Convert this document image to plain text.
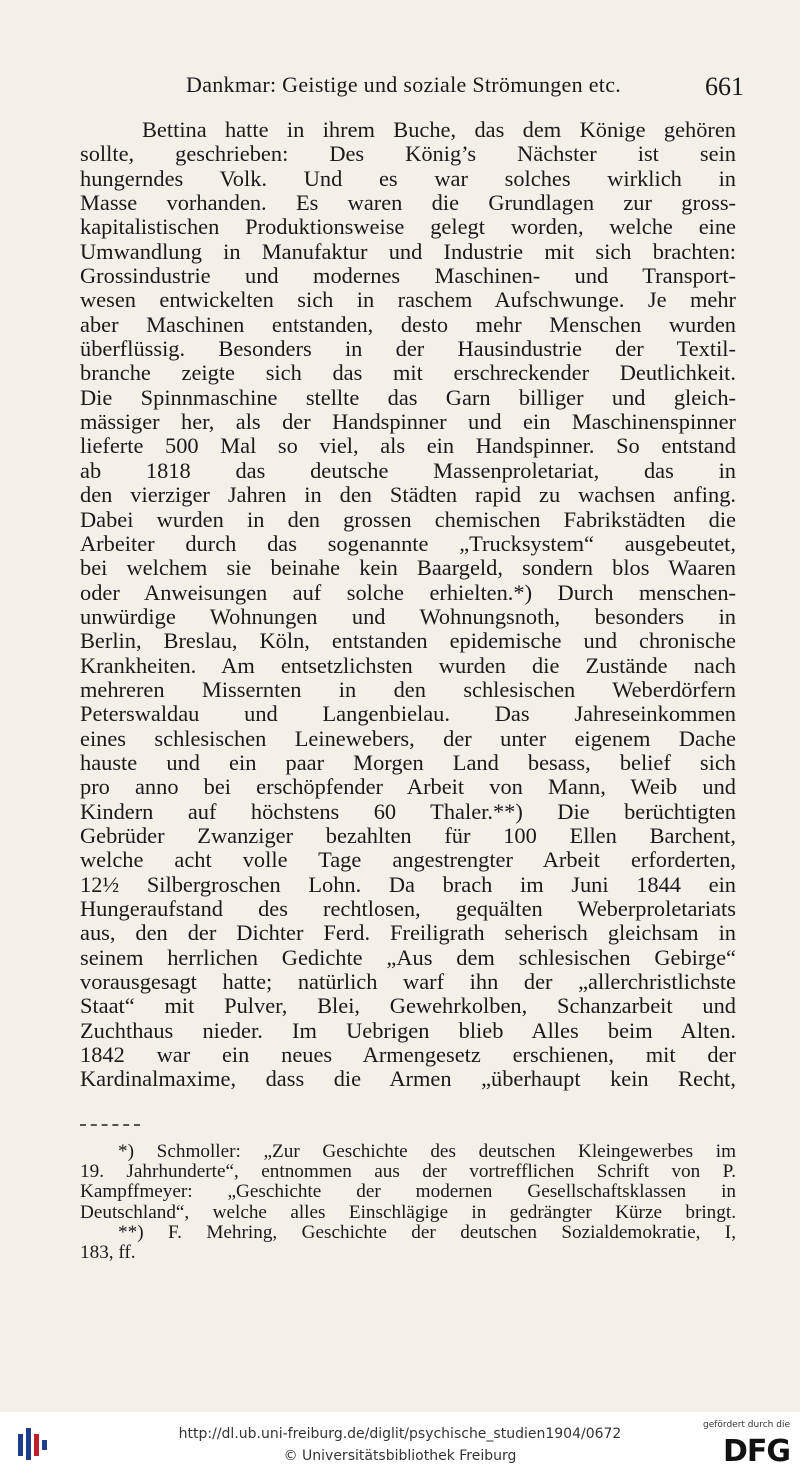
Dankmar: Geistige und soziale Strömungen etc.	661
Bettina hatte in ihrem Buche, das dem Könige gehören
sollte, geschrieben: Des König’s Nächster ist sein
hungerndes Volk. Und es war solches wirklich in
Masse vorhanden. Es waren die Grundlagen zur gross-
kapitalistischen Produktionsweise gelegt worden, welche eine
Umwandlung in Manufaktur und Industrie mit sich brachten:
Grossindustrie und modernes Maschinen- und Transport-
wesen entwickelten sich in raschem Aufschwunge. Je mehr
aber Maschinen entstanden, desto mehr Menschen wurden
überflüssig. Besonders in der Hausindustrie der Textil-
branche zeigte sich das mit erschreckender Deutlichkeit.
Die Spinnmaschine stellte das Garn billiger und gleich-
mässiger her, als der Handspinner und ein Maschinenspinner
lieferte 500 Mal so viel, als ein Handspinner. So entstand
ab 1818 das deutsche Massenproletariat, das in
den vierziger Jahren in den Städten rapid zu wachsen anfing.
Dabei wurden in den grossen chemischen Fabrikstädten die
Arbeiter durch das sogenannte „Trucksystem“ ausgebeutet,
bei welchem sie beinahe kein Baargeld, sondern blos Waaren
oder Anweisungen auf solche erhielten.*) Durch menschen-
unwürdige Wohnungen und Wohnungsnoth, besonders in
Berlin, Breslau, Köln, entstanden epidemische und chronische
Krankheiten. Am entsetzlichsten wurden die Zustände nach
mehreren Missernten in den schlesischen Weberdörfern
Peterswaldau und Langenbielau. Das Jahreseinkommen
eines schlesischen Leinewebers, der unter eigenem Dache
hauste und ein paar Morgen Land besass, belief sich
pro anno bei erschöpfender Arbeit von Mann, Weib und
Kindern auf höchstens 60 Thaler.**) Die berüchtigten
Gebrüder Zwanziger bezahlten für 100 Ellen Barchent,
welche acht volle Tage angestrengter Arbeit erforderten,
12½ Silbergroschen Lohn. Da brach im Juni 1844 ein
Hungeraufstand des rechtlosen, gequälten Weberproletariats
aus, den der Dichter Ferd. Freiligrath seherisch gleichsam in
seinem herrlichen Gedichte „Aus dem schlesischen Gebirge“
vorausgesagt hatte; natürlich warf ihn der „allerchristlichste
Staat“ mit Pulver, Blei, Gewehrkolben, Schanzarbeit und
Zuchthaus nieder. Im Uebrigen blieb Alles beim Alten.
1842 war ein neues Armengesetz erschienen, mit der
Kardinalmaxime, dass die Armen „überhaupt kein Recht,
*) Schmoller: „Zur Geschichte des deutschen Kleingewerbes im
19. Jahrhunderte“, entnommen aus der vortrefflichen Schrift von P.
Kampffmeyer: „Geschichte der modernen Gesellschaftsklassen in
Deutschland“, welche alles Einschlägige in gedrängter Kürze bringt.
**) F. Mehring, Geschichte der deutschen Sozialdemokratie, I,
183, ff.
http://dl.ub.uni-freiburg.de/diglit/psychische_studien1904/0672
© Universitätsbibliothek Freiburg
gefördert durch die
DFG
